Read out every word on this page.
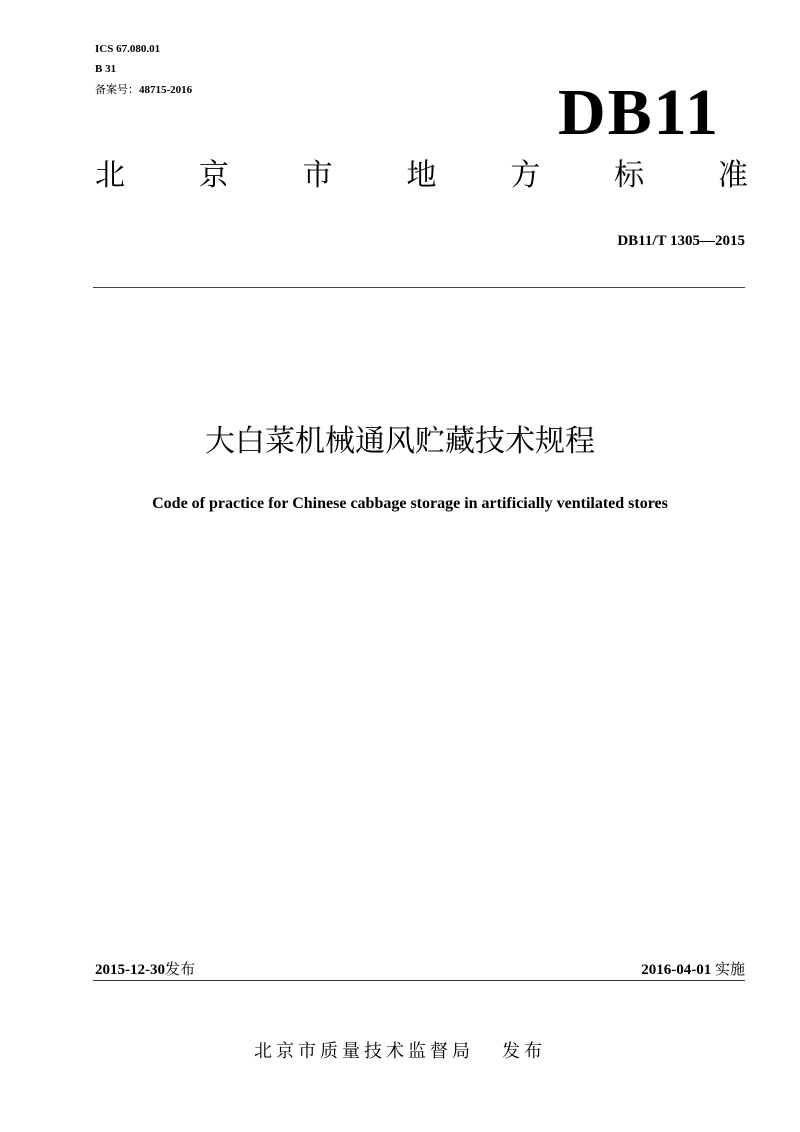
ICS 67.080.01
B 31
备案号：48715-2016	DB11
北 京 市 地 方 标 准
DB11/T 1305—2015
大白菜机械通风贮藏技术规程
Code of practice for Chinese cabbage storage in artificially ventilated stores
2015-12-30发布	2016-04-01 实施
北京市质量技术监督局 发布
